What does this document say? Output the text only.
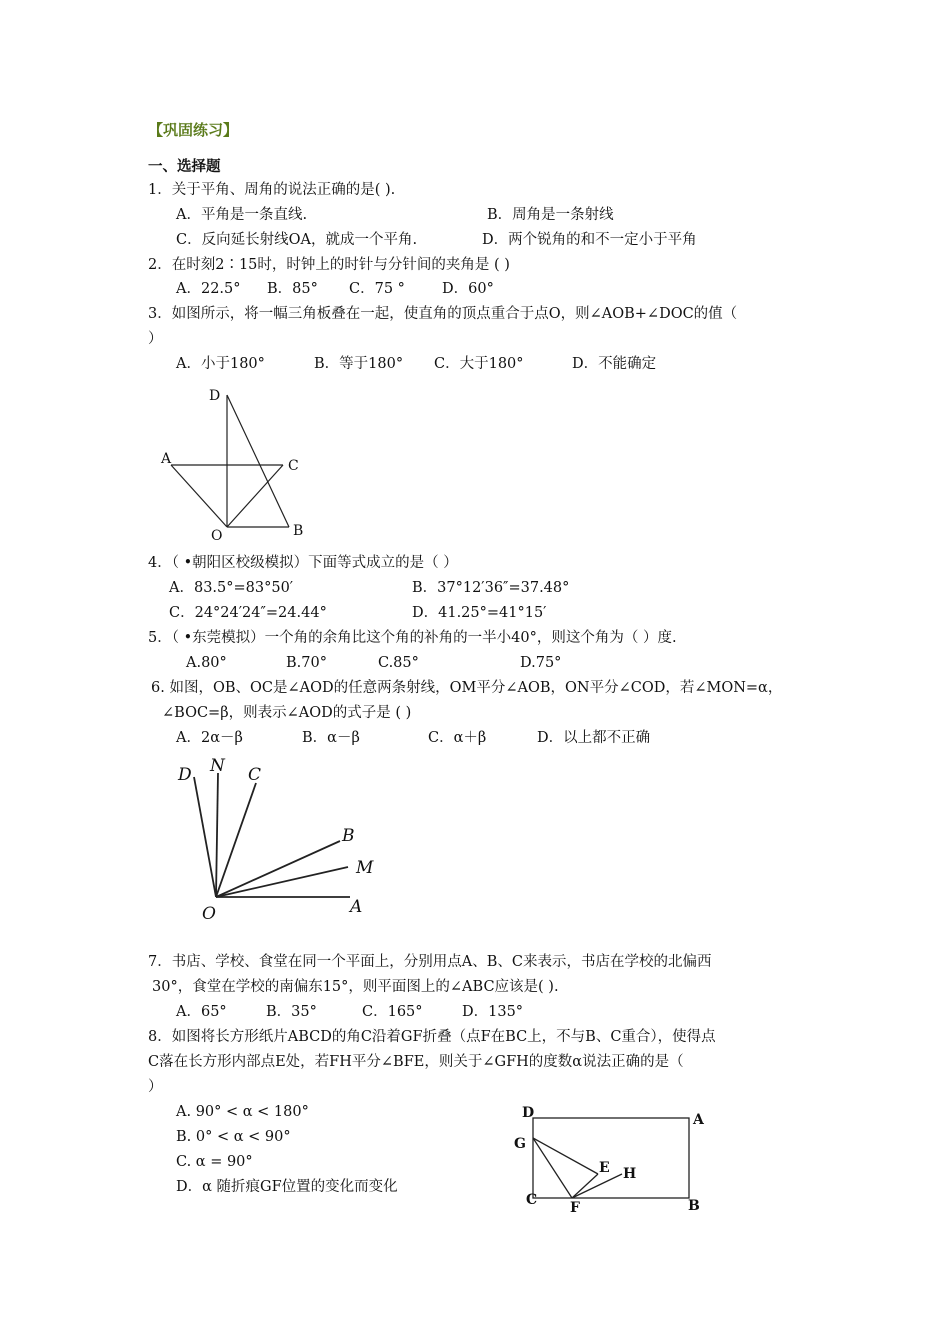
【巩固练习】
一、选择题
1．关于平角、周角的说法正确的是( ).
A．平角是一条直线.	B．周角是一条射线
C．反向延长射线OA，就成一个平角.	D．两个锐角的和不一定小于平角
2．在时刻2∶15时，时钟上的时针与分针间的夹角是 ( )
A．22.5° B．85° C．75 °	D．60°
3．如图所示，将一幅三角板叠在一起，使直角的顶点重合于点O，则∠AOB+∠DOC的值（
）
A．小于180°	B．等于180° C．大于180°	D．不能确定
D
A	C
O	B
4．（ •朝阳区校级模拟）下面等式成立的是（ ）
A．83.5°=83°50′	B．37°12′36″=37.48°
C．24°24′24″=24.44°	D．41.25°=41°15′
5．（ •东莞模拟）一个角的余角比这个角的补角的一半小40°，则这个角为（ ）度.
A.80°	B.70°	C.85°	D.75°
6. 如图，OB、OC是∠AOD的任意两条射线，OM平分∠AOB，ON平分∠COD，若∠MON=α，
∠BOC=β，则表示∠AOD的式子是 ( )
A．2α－β	B．α－β	C．α＋β	D．以上都不正确
D N C
B
M
O	A
7．书店、学校、食堂在同一个平面上，分别用点A、B、C来表示，书店在学校的北偏西
30°，食堂在学校的南偏东15°，则平面图上的∠ABC应该是( ).
A．65°	B．35°	C．165°	D．135°
8．如图将长方形纸片ABCD的角C沿着GF折叠（点F在BC上，不与B、C重合），使得点
C落在长方形内部点E处，若FH平分∠BFE，则关于∠GFH的度数α说法正确的是（
）
A. 90° < α < 180°
B. 0° < α < 90°
C. α = 90°
D．α 随折痕GF位置的变化而变化
D	A
G
E H
C F	B
